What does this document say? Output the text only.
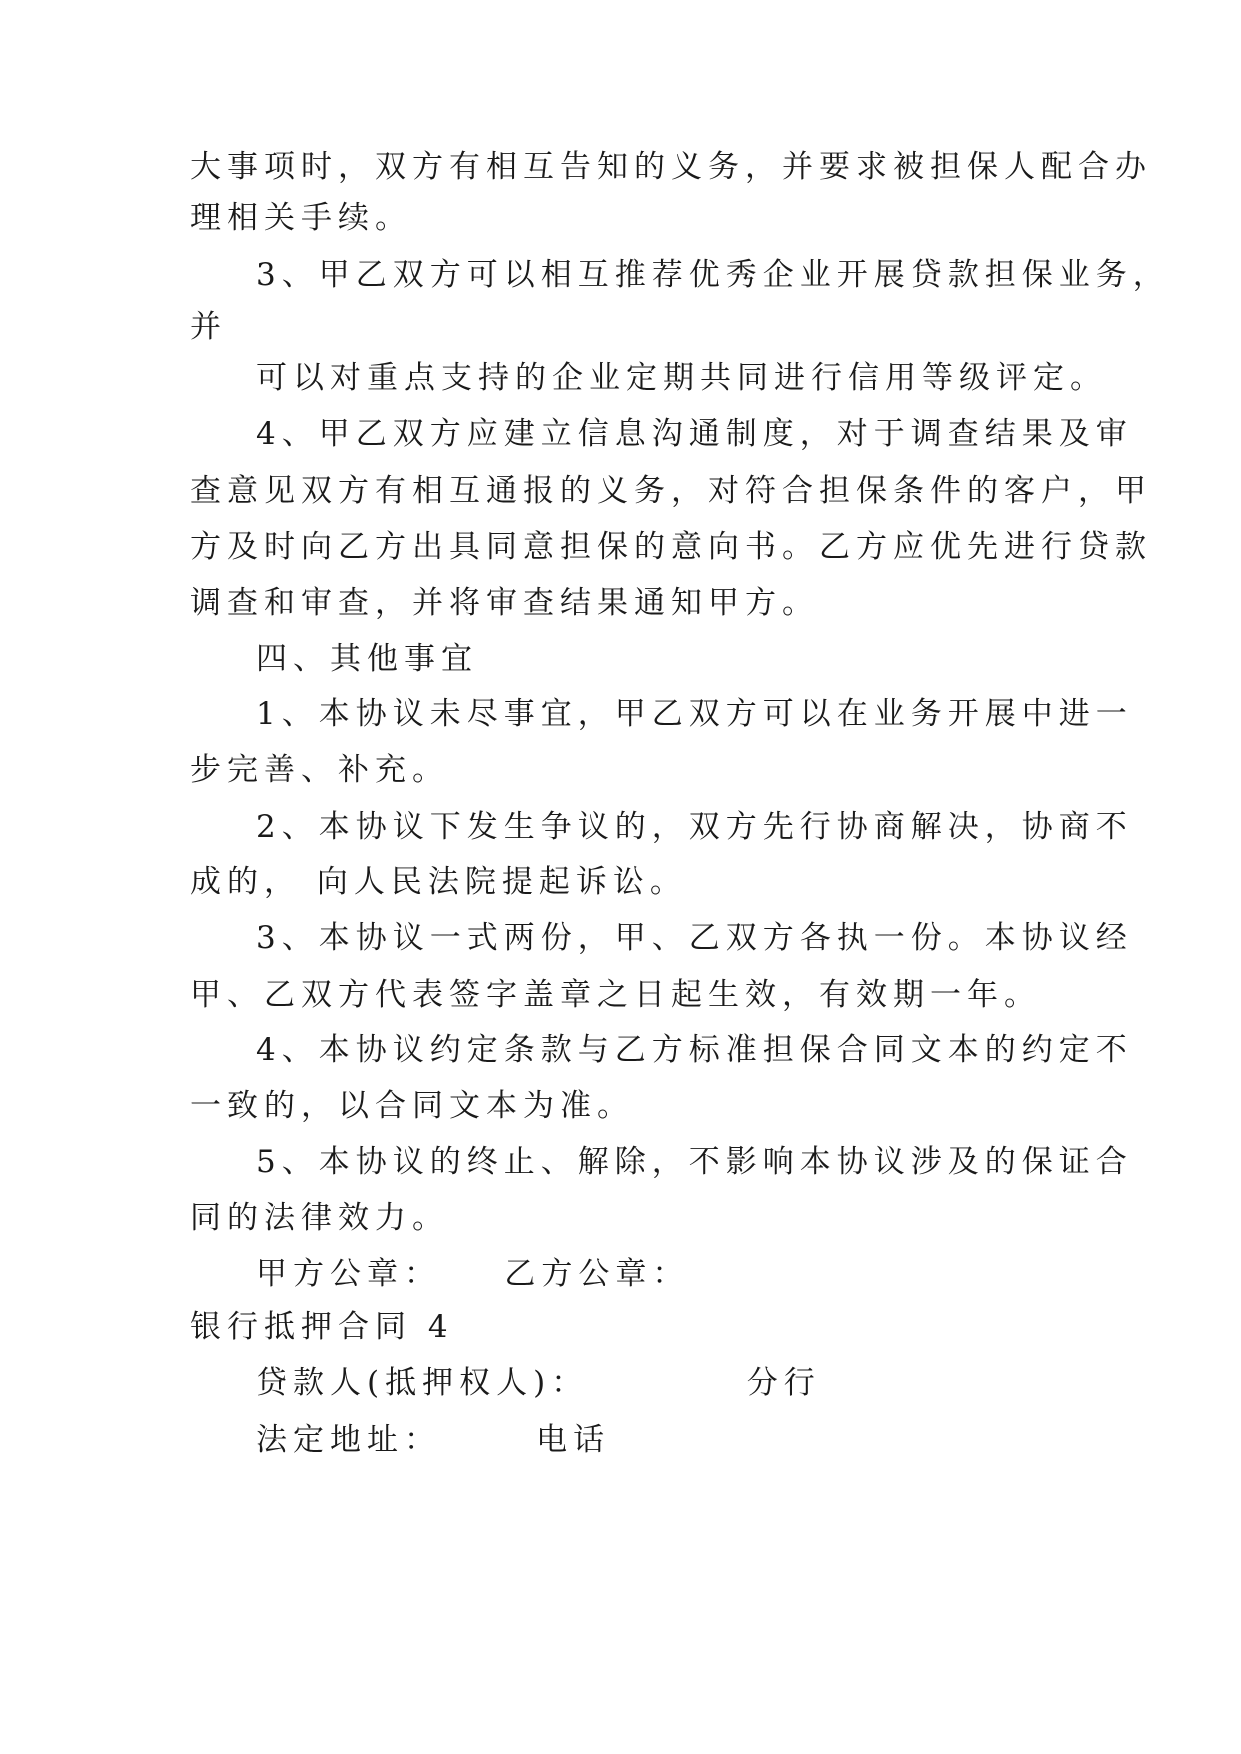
大事项时，双方有相互告知的义务，并要求被担保人配合办
理相关手续。
3、甲乙双方可以相互推荐优秀企业开展贷款担保业务，
并
可以对重点支持的企业定期共同进行信用等级评定。
4、甲乙双方应建立信息沟通制度，对于调查结果及审
查意见双方有相互通报的义务，对符合担保条件的客户，甲
方及时向乙方出具同意担保的意向书。乙方应优先进行贷款
调查和审查，并将审查结果通知甲方。
四、其他事宜
1、本协议未尽事宜，甲乙双方可以在业务开展中进一
步完善、补充。
2、本协议下发生争议的，双方先行协商解决，协商不
成的， 向人民法院提起诉讼。
3、本协议一式两份，甲、乙双方各执一份。本协议经
甲、乙双方代表签字盖章之日起生效，有效期一年。
4、本协议约定条款与乙方标准担保合同文本的约定不
一致的，以合同文本为准。
5、本协议的终止、解除，不影响本协议涉及的保证合
同的法律效力。
甲方公章：    乙方公章：
银行抵押合同 4
贷款人(抵押权人)：          分行
法定地址：      电话
